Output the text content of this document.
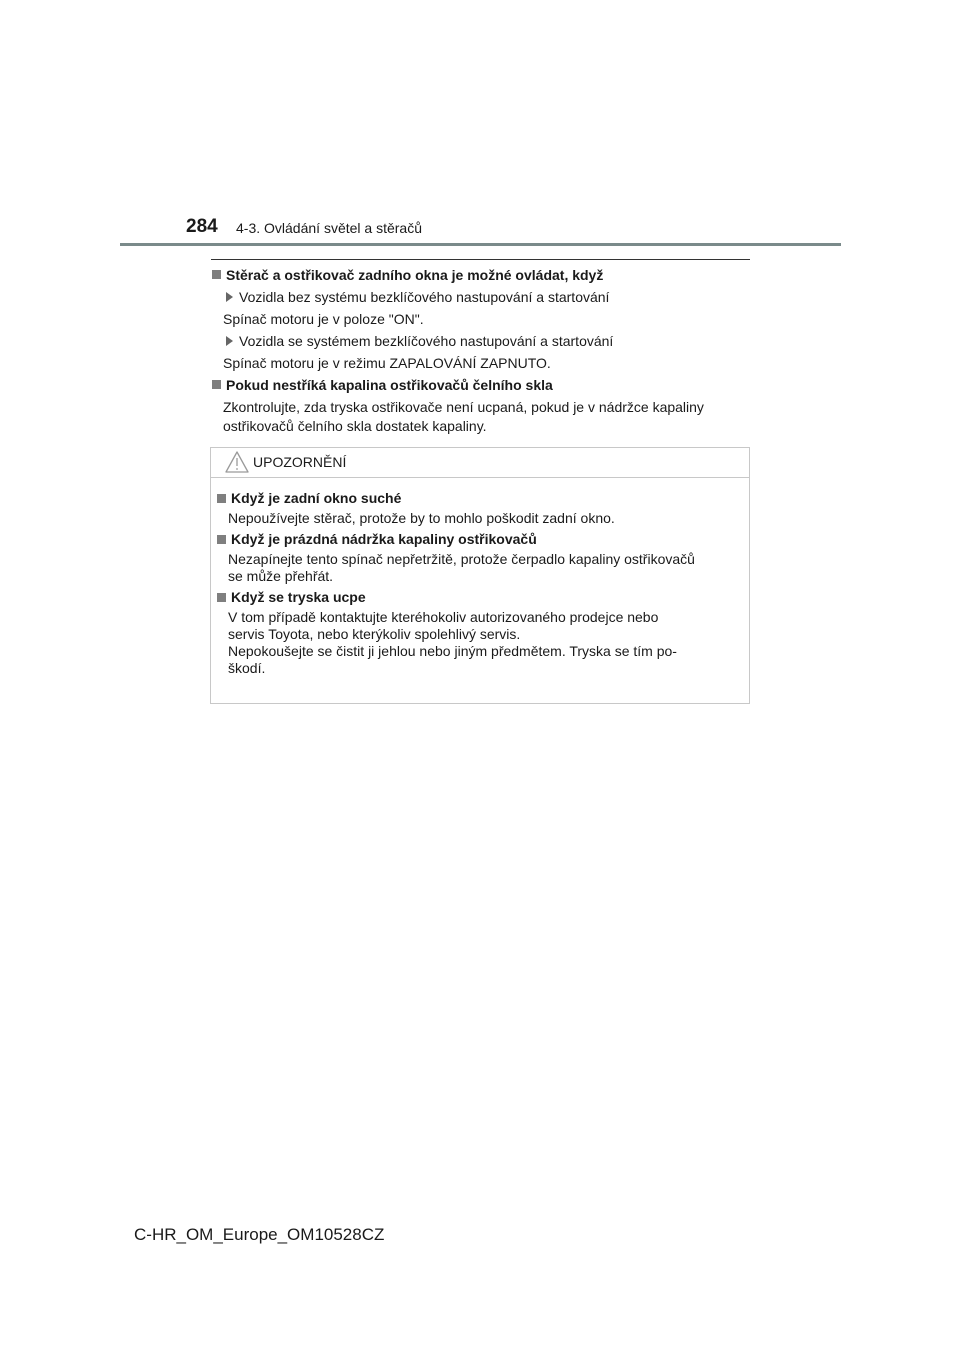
284 4-3. Ovládání světel a stěračů
Stěrač a ostřikovač zadního okna je možné ovládat, když
Vozidla bez systému bezklíčového nastupování a startování
Spínač motoru je v poloze "ON".
Vozidla se systémem bezklíčového nastupování a startování
Spínač motoru je v režimu ZAPALOVÁNÍ ZAPNUTO.
Pokud nestříká kapalina ostřikovačů čelního skla
Zkontrolujte, zda tryska ostřikovače není ucpaná, pokud je v nádržce kapaliny
ostřikovačů čelního skla dostatek kapaliny.
UPOZORNĚNÍ
Když je zadní okno suché
Nepoužívejte stěrač, protože by to mohlo poškodit zadní okno.
Když je prázdná nádržka kapaliny ostřikovačů
Nezapínejte tento spínač nepřetržitě, protože čerpadlo kapaliny ostřikovačů
se může přehřát.
Když se tryska ucpe
V tom případě kontaktujte kteréhokoliv autorizovaného prodejce nebo
servis Toyota, nebo kterýkoliv spolehlivý servis.
Nepokoušejte se čistit ji jehlou nebo jiným předmětem. Tryska se tím po-
škodí.
C-HR_OM_Europe_OM10528CZ
